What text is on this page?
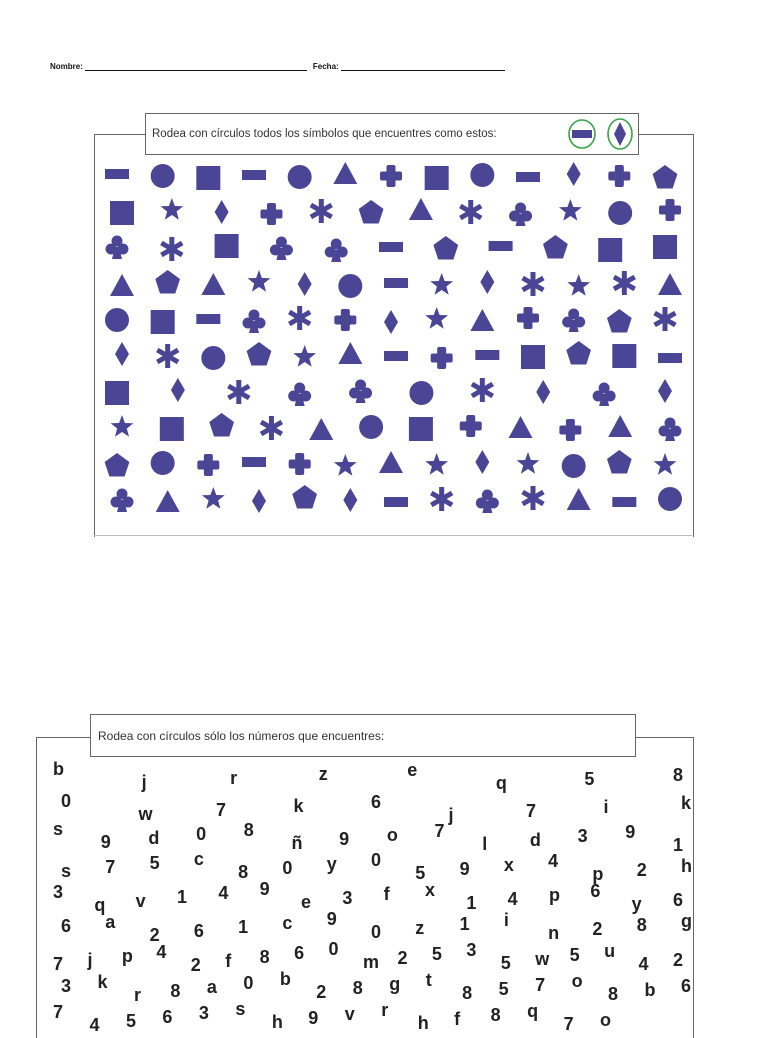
Nombre:	Fecha:
Rodea con círculos todos los símbolos que encuentres como estos:
b
j	r	z	e
q	5	8
0
w	7	k	6
j	7	i	k
s
9 d 0 8
ñ 9 o 7
l d 3 9
1
s 7 5 c
8 0 y 0
5 9 x 4
p 2 h
3
q v 1 4 9
e 3 f x
1 4 p 6
y 6
6 a
2 6 1 c 9
0 z 1 i
n 2 8 g
7 j p 4
2 f 8 6 0
m 2 5 3
5 w 5 u
4 2
3 k
r 8 a 0 b
2 8 g t
8 5 7 o
8 b 6
7
4 5 6 3 s
h 9 v r
h f 8 q
7 o
Rodea con círculos sólo los números que encuentres:
